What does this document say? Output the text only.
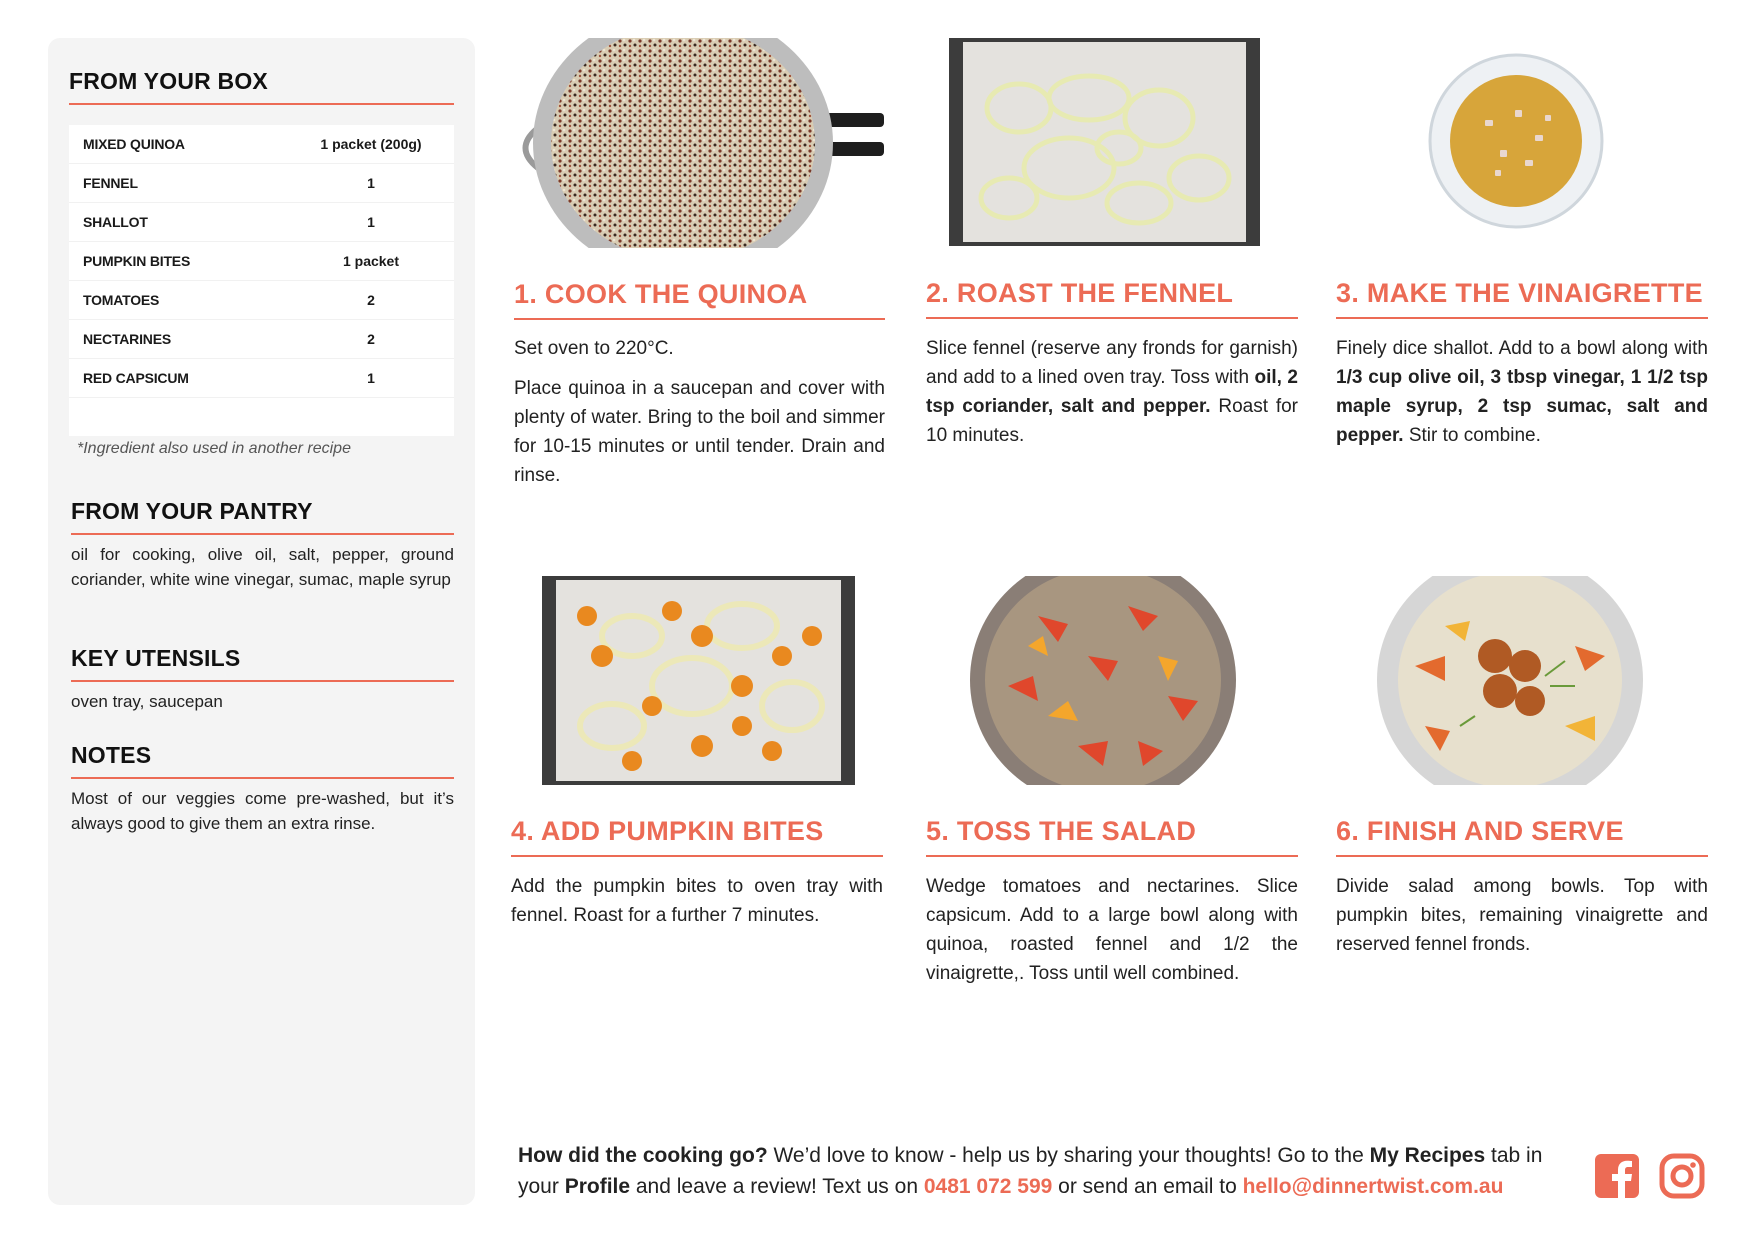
FROM YOUR BOX
MIXED QUINOA	1 packet (200g)
FENNEL	1
SHALLOT	1
PUMPKIN BITES	1 packet
TOMATOES	2
NECTARINES	2
RED CAPSICUM	1
*Ingredient also used in another recipe
FROM YOUR PANTRY
oil for cooking, olive oil, salt, pepper, ground coriander, white wine vinegar, sumac, maple syrup
KEY UTENSILS
oven tray, saucepan
NOTES
Most of our veggies come pre-washed, but it’s always good to give them an extra rinse.
1. COOK THE QUINOA

Set oven to 220°C.

Place quinoa in a saucepan and cover with plenty of water. Bring to the boil and simmer for 10-15 minutes or until tender. Drain and rinse.

2. ROAST THE FENNEL

Slice fennel (reserve any fronds for garnish) and add to a lined oven tray. Toss with oil, 2 tsp coriander, salt and pepper. Roast for 10 minutes.

3. MAKE THE VINAIGRETTE

Finely dice shallot. Add to a bowl along with 1/3 cup olive oil, 3 tbsp vinegar, 1 1/2 tsp maple syrup, 2 tsp sumac, salt and pepper. Stir to combine.

4. ADD PUMPKIN BITES

Add the pumpkin bites to oven tray with fennel. Roast for a further 7 minutes.

5. TOSS THE SALAD

Wedge tomatoes and nectarines. Slice capsicum. Add to a large bowl along with quinoa, roasted fennel and 1/2 the vinaigrette,. Toss until well combined.

6. FINISH AND SERVE

Divide salad among bowls. Top with pumpkin bites, remaining vinaigrette and reserved fennel fronds.

How did the cooking go? We’d love to know - help us by sharing your thoughts! Go to the My Recipes tab in your Profile and leave a review! Text us on 0481 072 599 or send an email to hello@dinnertwist.com.au
